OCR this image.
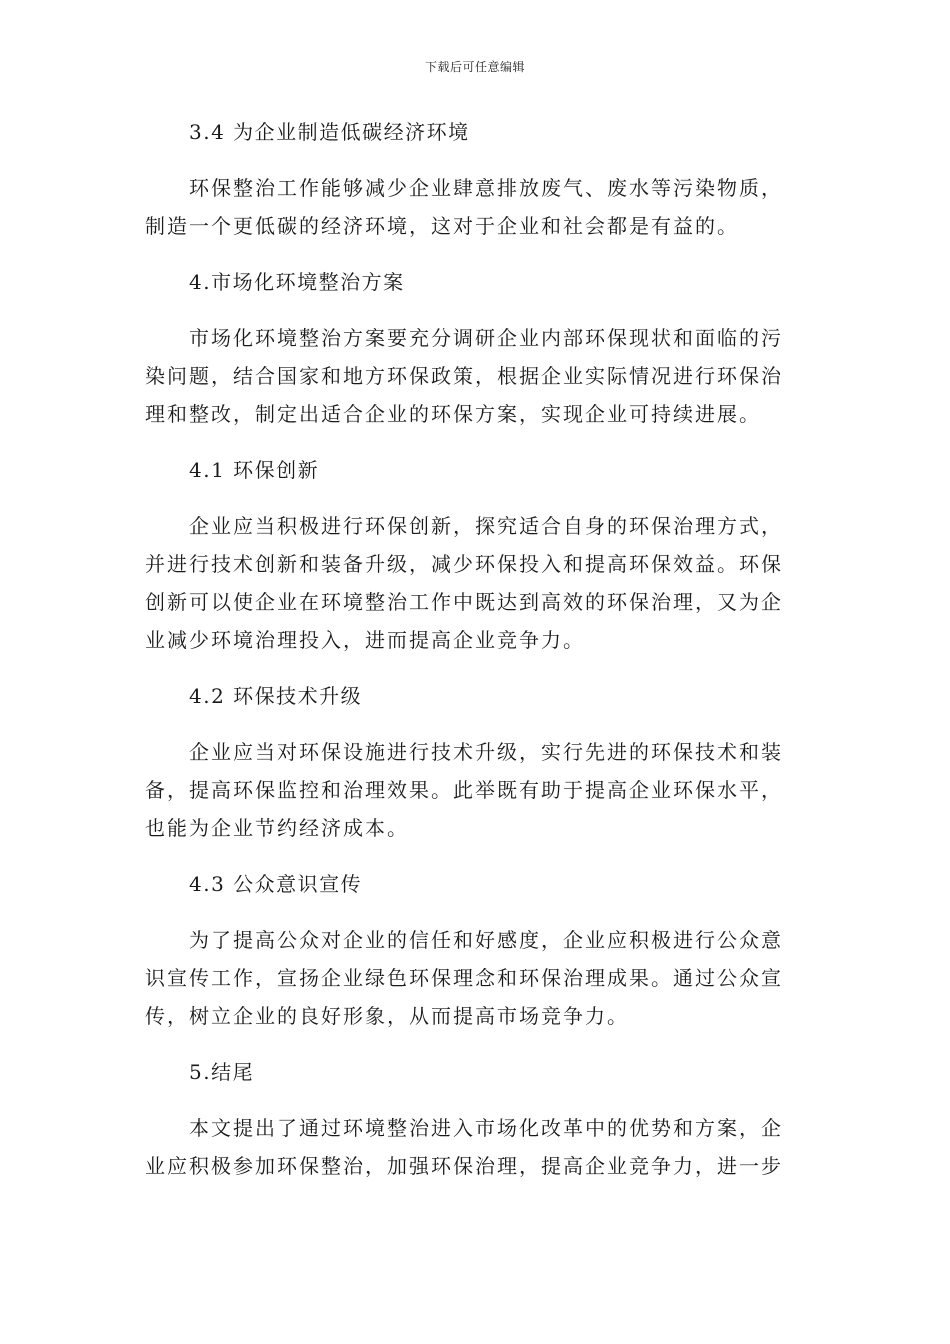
下载后可任意编辑
3.4 为企业制造低碳经济环境
环保整治工作能够减少企业肆意排放废气、废水等污染物质，
制造一个更低碳的经济环境，这对于企业和社会都是有益的。
4.市场化环境整治方案
市场化环境整治方案要充分调研企业内部环保现状和面临的污
染问题，结合国家和地方环保政策，根据企业实际情况进行环保治
理和整改，制定出适合企业的环保方案，实现企业可持续进展。
4.1 环保创新
企业应当积极进行环保创新，探究适合自身的环保治理方式，
并进行技术创新和装备升级，减少环保投入和提高环保效益。环保
创新可以使企业在环境整治工作中既达到高效的环保治理，又为企
业减少环境治理投入，进而提高企业竞争力。
4.2 环保技术升级
企业应当对环保设施进行技术升级，实行先进的环保技术和装
备，提高环保监控和治理效果。此举既有助于提高企业环保水平，
也能为企业节约经济成本。
4.3 公众意识宣传
为了提高公众对企业的信任和好感度，企业应积极进行公众意
识宣传工作，宣扬企业绿色环保理念和环保治理成果。通过公众宣
传，树立企业的良好形象，从而提高市场竞争力。
5.结尾
本文提出了通过环境整治进入市场化改革中的优势和方案，企
业应积极参加环保整治，加强环保治理，提高企业竞争力，进一步
